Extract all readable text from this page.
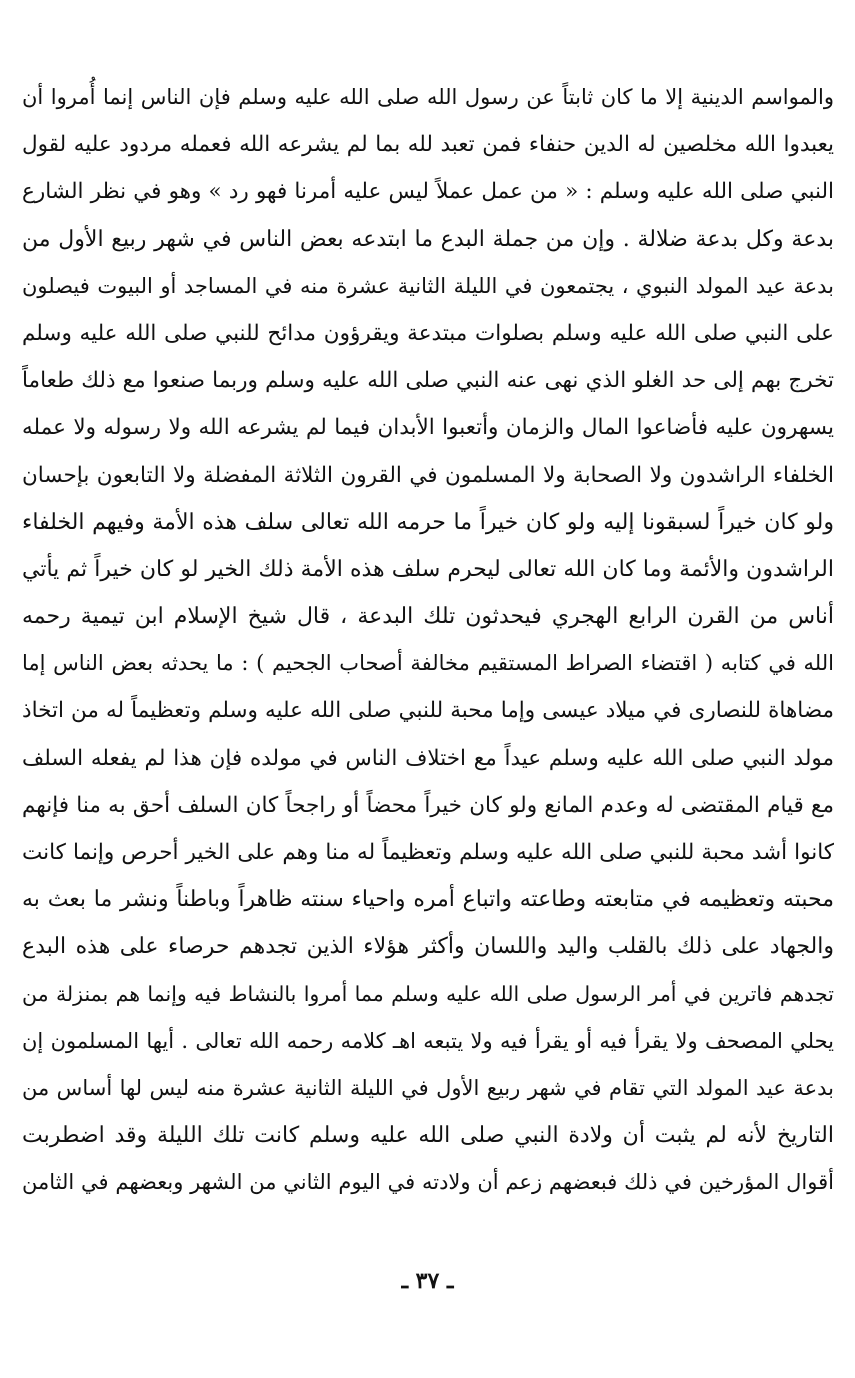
والمواسم الدينية إلا ما كان ثابتاً عن رسول الله صلى الله عليه وسلم فإن الناس إنما أُمروا أن
يعبدوا الله مخلصين له الدين حنفاء فمن تعبد لله بما لم يشرعه الله فعمله مردود عليه لقول
النبي صلى الله عليه وسلم : « من عمل عملاً ليس عليه أمرنا فهو رد » وهو في نظر الشارع
بدعة وكل بدعة ضلالة . وإن من جملة البدع ما ابتدعه بعض الناس في شهر ربيع الأول من
بدعة عيد المولد النبوي ، يجتمعون في الليلة الثانية عشرة منه في المساجد أو البيوت فيصلون
على النبي صلى الله عليه وسلم بصلوات مبتدعة ويقرؤون مدائح للنبي صلى الله عليه وسلم
تخرج بهم إلى حد الغلو الذي نهى عنه النبي صلى الله عليه وسلم وربما صنعوا مع ذلك طعاماً
يسهرون عليه فأضاعوا المال والزمان وأتعبوا الأبدان فيما لم يشرعه الله ولا رسوله ولا عمله
الخلفاء الراشدون ولا الصحابة ولا المسلمون في القرون الثلاثة المفضلة ولا التابعون بإحسان
ولو كان خيراً لسبقونا إليه ولو كان خيراً ما حرمه الله تعالى سلف هذه الأمة وفيهم الخلفاء
الراشدون والأئمة وما كان الله تعالى ليحرم سلف هذه الأمة ذلك الخير لو كان خيراً ثم يأتي
أناس من القرن الرابع الهجري فيحدثون تلك البدعة ، قال شيخ الإسلام ابن تيمية رحمه
الله في كتابه ( اقتضاء الصراط المستقيم مخالفة أصحاب الجحيم ) : ما يحدثه بعض الناس إما
مضاهاة للنصارى في ميلاد عيسى وإما محبة للنبي صلى الله عليه وسلم وتعظيماً له من اتخاذ
مولد النبي صلى الله عليه وسلم عيداً مع اختلاف الناس في مولده فإن هذا لم يفعله السلف
مع قيام المقتضى له وعدم المانع ولو كان خيراً محضاً أو راجحاً كان السلف أحق به منا فإنهم
كانوا أشد محبة للنبي صلى الله عليه وسلم وتعظيماً له منا وهم على الخير أحرص وإنما كانت
محبته وتعظيمه في متابعته وطاعته واتباع أمره واحياء سنته ظاهراً وباطناً ونشر ما بعث به
والجهاد على ذلك بالقلب واليد واللسان وأكثر هؤلاء الذين تجدهم حرصاء على هذه البدع
تجدهم فاترين في أمر الرسول صلى الله عليه وسلم مما أمروا بالنشاط فيه وإنما هم بمنزلة من
يحلي المصحف ولا يقرأ فيه أو يقرأ فيه ولا يتبعه اهـ كلامه رحمه الله تعالى . أيها المسلمون إن
بدعة عيد المولد التي تقام في شهر ربيع الأول في الليلة الثانية عشرة منه ليس لها أساس من
التاريخ لأنه لم يثبت أن ولادة النبي صلى الله عليه وسلم كانت تلك الليلة وقد اضطربت
أقوال المؤرخين في ذلك فبعضهم زعم أن ولادته في اليوم الثاني من الشهر وبعضهم في الثامن
ـ ٣٧ ـ
